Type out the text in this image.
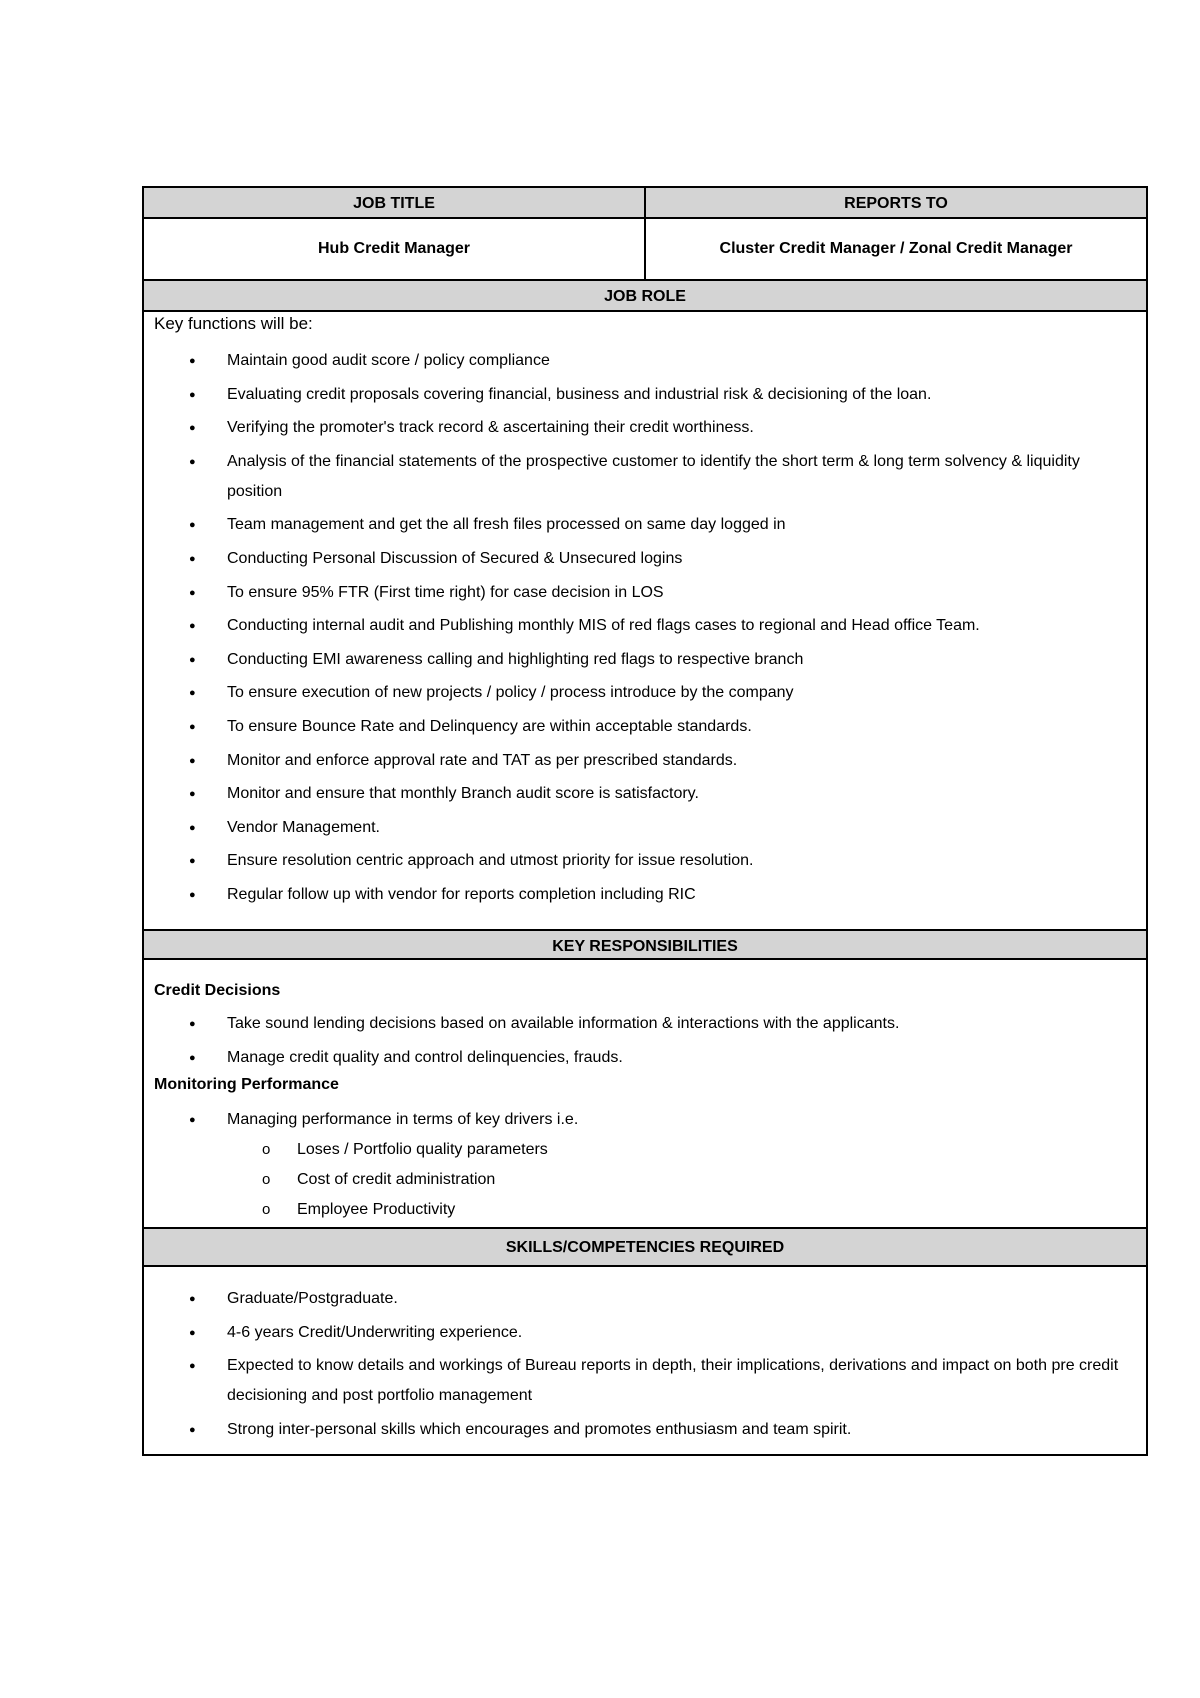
JOB TITLE	REPORTS TO
Hub Credit Manager	Cluster Credit Manager / Zonal Credit Manager
JOB ROLE
Key functions will be:
● Maintain good audit score / policy compliance
● Evaluating credit proposals covering financial, business and industrial risk & decisioning of the loan.
● Verifying the promoter's track record & ascertaining their credit worthiness.
● Analysis of the financial statements of the prospective customer to identify the short term & long term solvency & liquidity position
● Team management and get the all fresh files processed on same day logged in
● Conducting Personal Discussion of Secured & Unsecured logins
● To ensure 95% FTR (First time right) for case decision in LOS
● Conducting internal audit and Publishing monthly MIS of red flags cases to regional and Head office Team.
● Conducting EMI awareness calling and highlighting red flags to respective branch
● To ensure execution of new projects / policy / process introduce by the company
● To ensure Bounce Rate and Delinquency are within acceptable standards.
● Monitor and enforce approval rate and TAT as per prescribed standards.
● Monitor and ensure that monthly Branch audit score is satisfactory.
● Vendor Management.
● Ensure resolution centric approach and utmost priority for issue resolution.
● Regular follow up with vendor for reports completion including RIC
KEY RESPONSIBILITIES
Credit Decisions
● Take sound lending decisions based on available information & interactions with the applicants.
● Manage credit quality and control delinquencies, frauds.
Monitoring Performance
● Managing performance in terms of key drivers i.e.
o Loses / Portfolio quality parameters
o Cost of credit administration
o Employee Productivity
SKILLS/COMPETENCIES REQUIRED
● Graduate/Postgraduate.
● 4-6 years Credit/Underwriting experience.
● Expected to know details and workings of Bureau reports in depth, their implications, derivations and impact on both pre credit decisioning and post portfolio management
● Strong inter-personal skills which encourages and promotes enthusiasm and team spirit.
